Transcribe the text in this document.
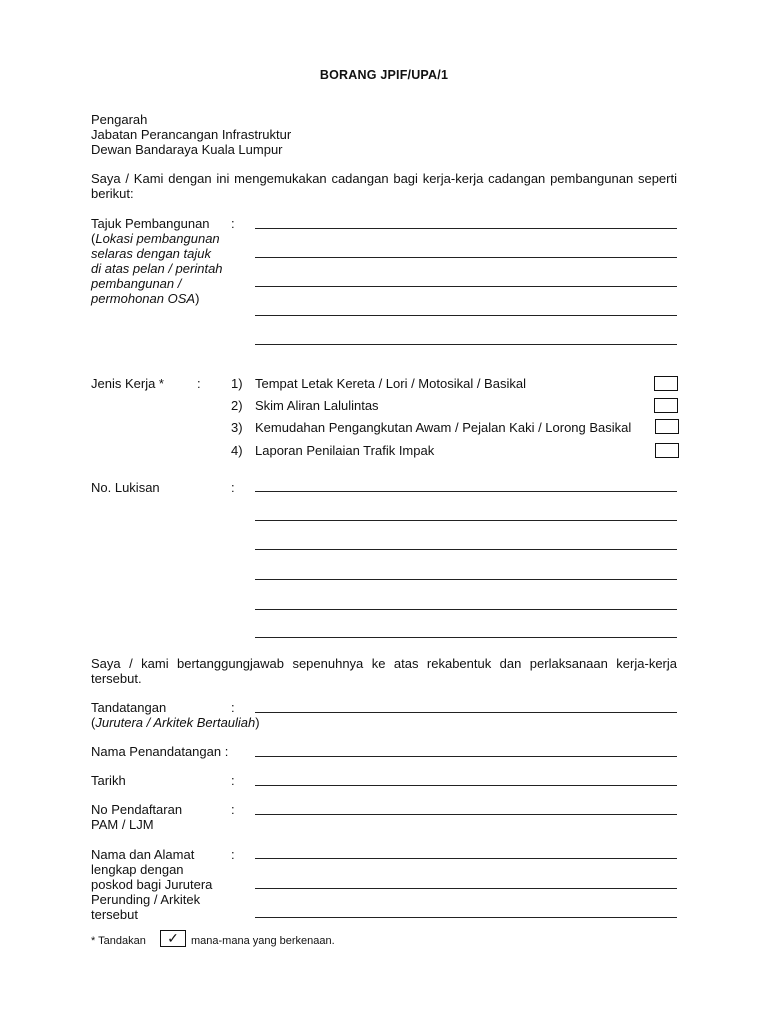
BORANG JPIF/UPA/1
Pengarah
Jabatan Perancangan Infrastruktur
Dewan Bandaraya Kuala Lumpur
Saya / Kami dengan ini mengemukakan cadangan bagi kerja-kerja cadangan pembangunan seperti berikut:
Tajuk Pembangunan :
(Lokasi pembangunan
selaras dengan tajuk
di atas pelan / perintah
pembangunan /
permohonan OSA)
Jenis Kerja *	: 1) Tempat Letak Kereta / Lori / Motosikal / Basikal
2) Skim Aliran Lalulintas
3) Kemudahan Pengangkutan Awam / Pejalan Kaki / Lorong Basikal
4) Laporan Penilaian Trafik Impak
No. Lukisan	:
Saya / kami bertanggungjawab sepenuhnya ke atas rekabentuk dan perlaksanaan kerja-kerja tersebut.
Tandatangan	:
(Jurutera / Arkitek Bertauliah)
Nama Penandatangan :
Tarikh	:
No Pendaftaran
PAM / LJM
:
Nama dan Alamat
lengkap dengan
poskod bagi Jurutera
Perunding / Arkitek
tersebut
:
* Tandakan	✓	mana-mana yang berkenaan.
